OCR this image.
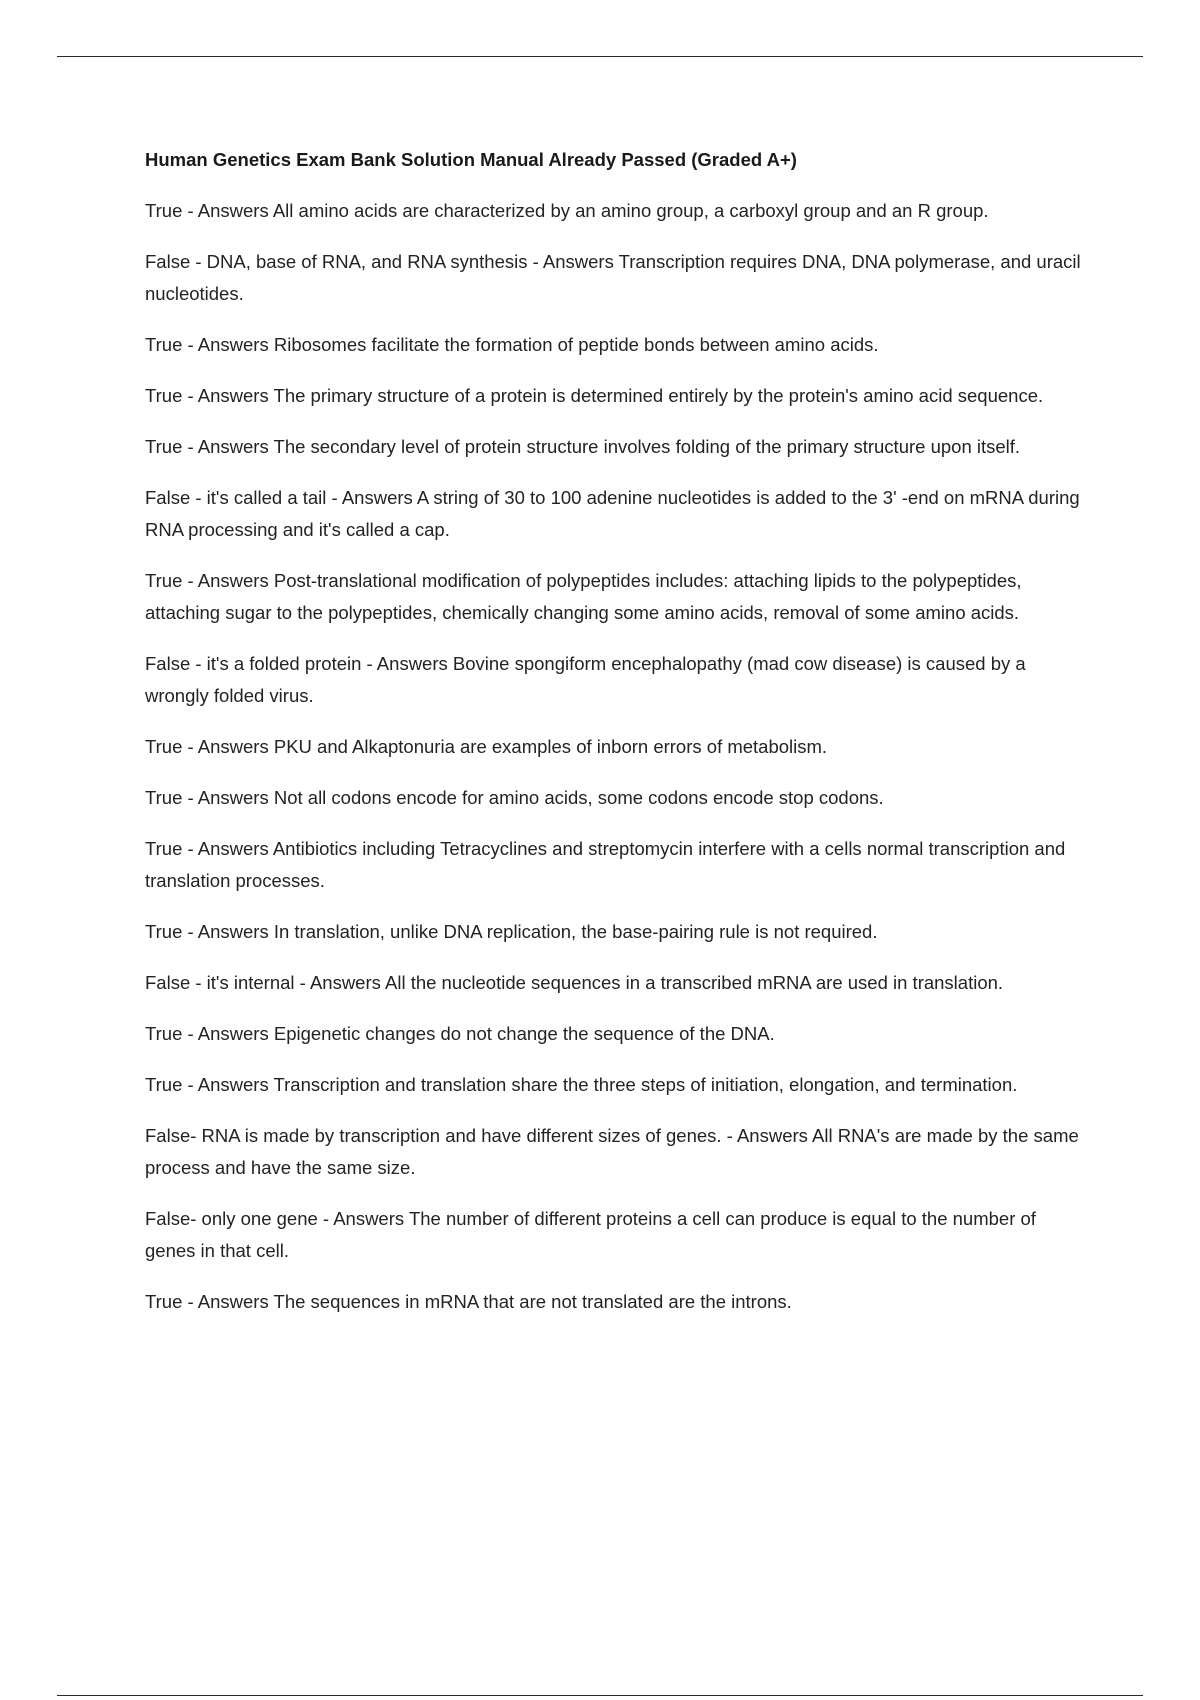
Human Genetics Exam Bank Solution Manual Already Passed (Graded A+)
True - Answers All amino acids are characterized by an amino group, a carboxyl group and an R group.
False - DNA, base of RNA, and RNA synthesis - Answers Transcription requires DNA, DNA polymerase, and uracil nucleotides.
True - Answers Ribosomes facilitate the formation of peptide bonds between amino acids.
True - Answers The primary structure of a protein is determined entirely by the protein's amino acid sequence.
True - Answers The secondary level of protein structure involves folding of the primary structure upon itself.
False - it's called a tail - Answers A string of 30 to 100 adenine nucleotides is added to the 3' -end on mRNA during RNA processing and it's called a cap.
True - Answers Post-translational modification of polypeptides includes: attaching lipids to the polypeptides, attaching sugar to the polypeptides, chemically changing some amino acids, removal of some amino acids.
False - it's a folded protein - Answers Bovine spongiform encephalopathy (mad cow disease) is caused by a wrongly folded virus.
True - Answers PKU and Alkaptonuria are examples of inborn errors of metabolism.
True - Answers Not all codons encode for amino acids, some codons encode stop codons.
True - Answers Antibiotics including Tetracyclines and streptomycin interfere with a cells normal transcription and translation processes.
True - Answers In translation, unlike DNA replication, the base-pairing rule is not required.
False - it's internal - Answers All the nucleotide sequences in a transcribed mRNA are used in translation.
True - Answers Epigenetic changes do not change the sequence of the DNA.
True - Answers Transcription and translation share the three steps of initiation, elongation, and termination.
False- RNA is made by transcription and have different sizes of genes. - Answers All RNA's are made by the same process and have the same size.
False- only one gene - Answers The number of different proteins a cell can produce is equal to the number of genes in that cell.
True - Answers The sequences in mRNA that are not translated are the introns.
